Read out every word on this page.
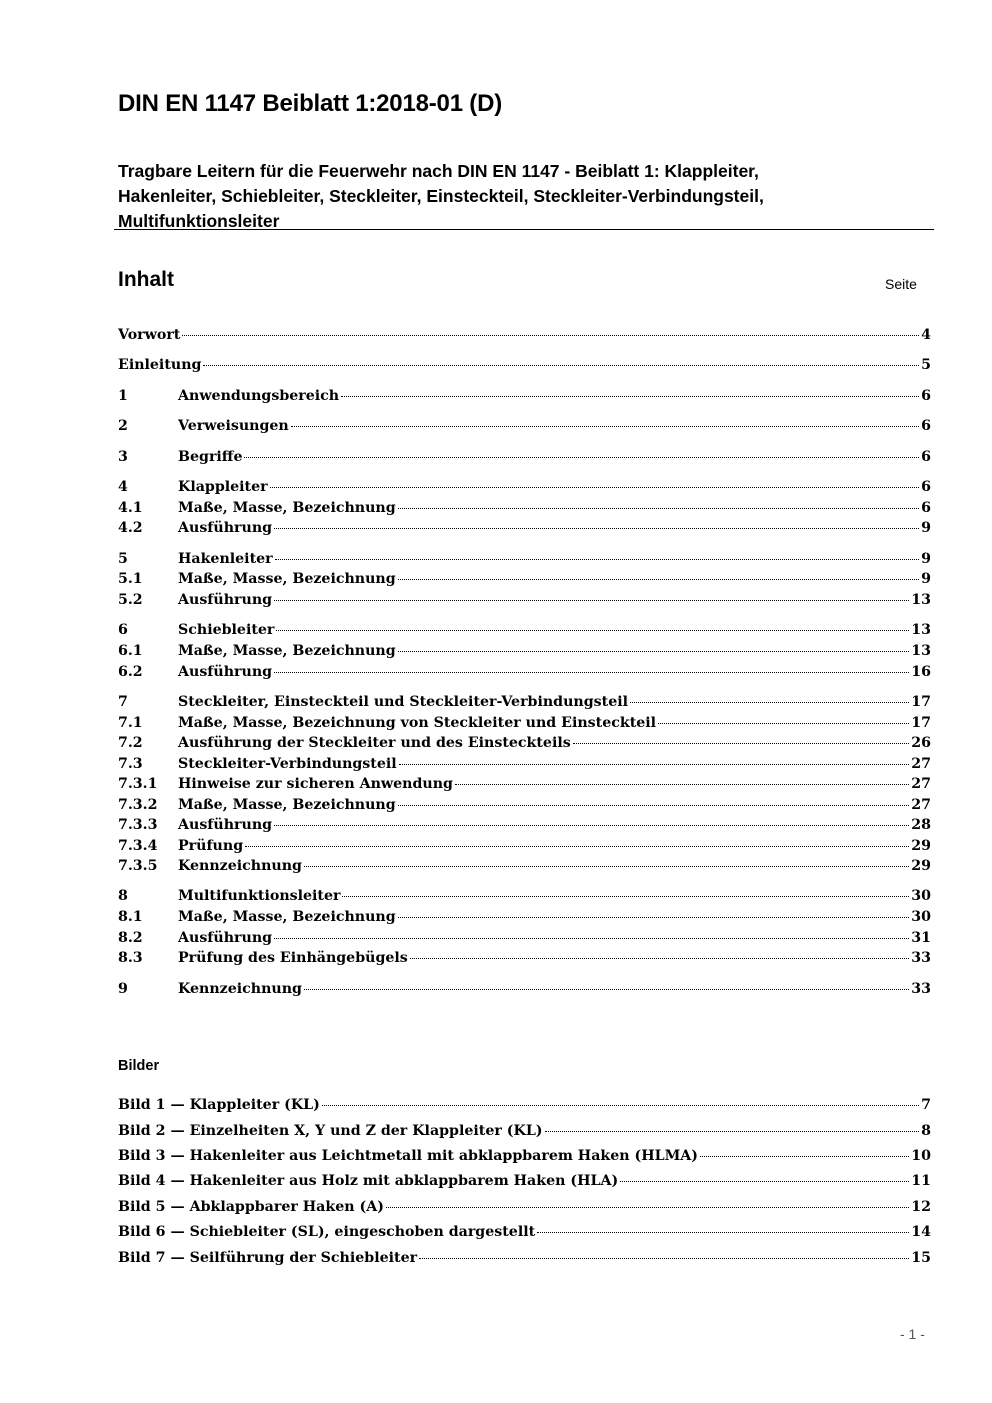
DIN EN 1147 Beiblatt 1:2018-01 (D)
Tragbare Leitern für die Feuerwehr nach DIN EN 1147 - Beiblatt 1: Klappleiter,
Hakenleiter, Schiebleiter, Steckleiter, Einsteckteil, Steckleiter-Verbindungsteil,
Multifunktionsleiter
Inhalt	Seite
Vorwort	4
Einleitung	5
1	Anwendungsbereich	6
2	Verweisungen	6
3	Begriffe	6
4	Klappleiter	6
4.1	Maße, Masse, Bezeichnung	6
4.2	Ausführung	9
5	Hakenleiter	9
5.1	Maße, Masse, Bezeichnung	9
5.2	Ausführung	13
6	Schiebleiter	13
6.1	Maße, Masse, Bezeichnung	13
6.2	Ausführung	16
7	Steckleiter, Einsteckteil und Steckleiter-Verbindungsteil	17
7.1	Maße, Masse, Bezeichnung von Steckleiter und Einsteckteil	17
7.2	Ausführung der Steckleiter und des Einsteckteils	26
7.3	Steckleiter-Verbindungsteil	27
7.3.1	Hinweise zur sicheren Anwendung	27
7.3.2	Maße, Masse, Bezeichnung	27
7.3.3	Ausführung	28
7.3.4	Prüfung	29
7.3.5	Kennzeichnung	29
8	Multifunktionsleiter	30
8.1	Maße, Masse, Bezeichnung	30
8.2	Ausführung	31
8.3	Prüfung des Einhängebügels	33
9	Kennzeichnung	33
Bilder
Bild 1 — Klappleiter (KL)	7
Bild 2 — Einzelheiten X, Y und Z der Klappleiter (KL)	8
Bild 3 — Hakenleiter aus Leichtmetall mit abklappbarem Haken (HLMA)	10
Bild 4 — Hakenleiter aus Holz mit abklappbarem Haken (HLA)	11
Bild 5 — Abklappbarer Haken (A)	12
Bild 6 — Schiebleiter (SL), eingeschoben dargestellt	14
Bild 7 — Seilführung der Schiebleiter	15
- 1 -
